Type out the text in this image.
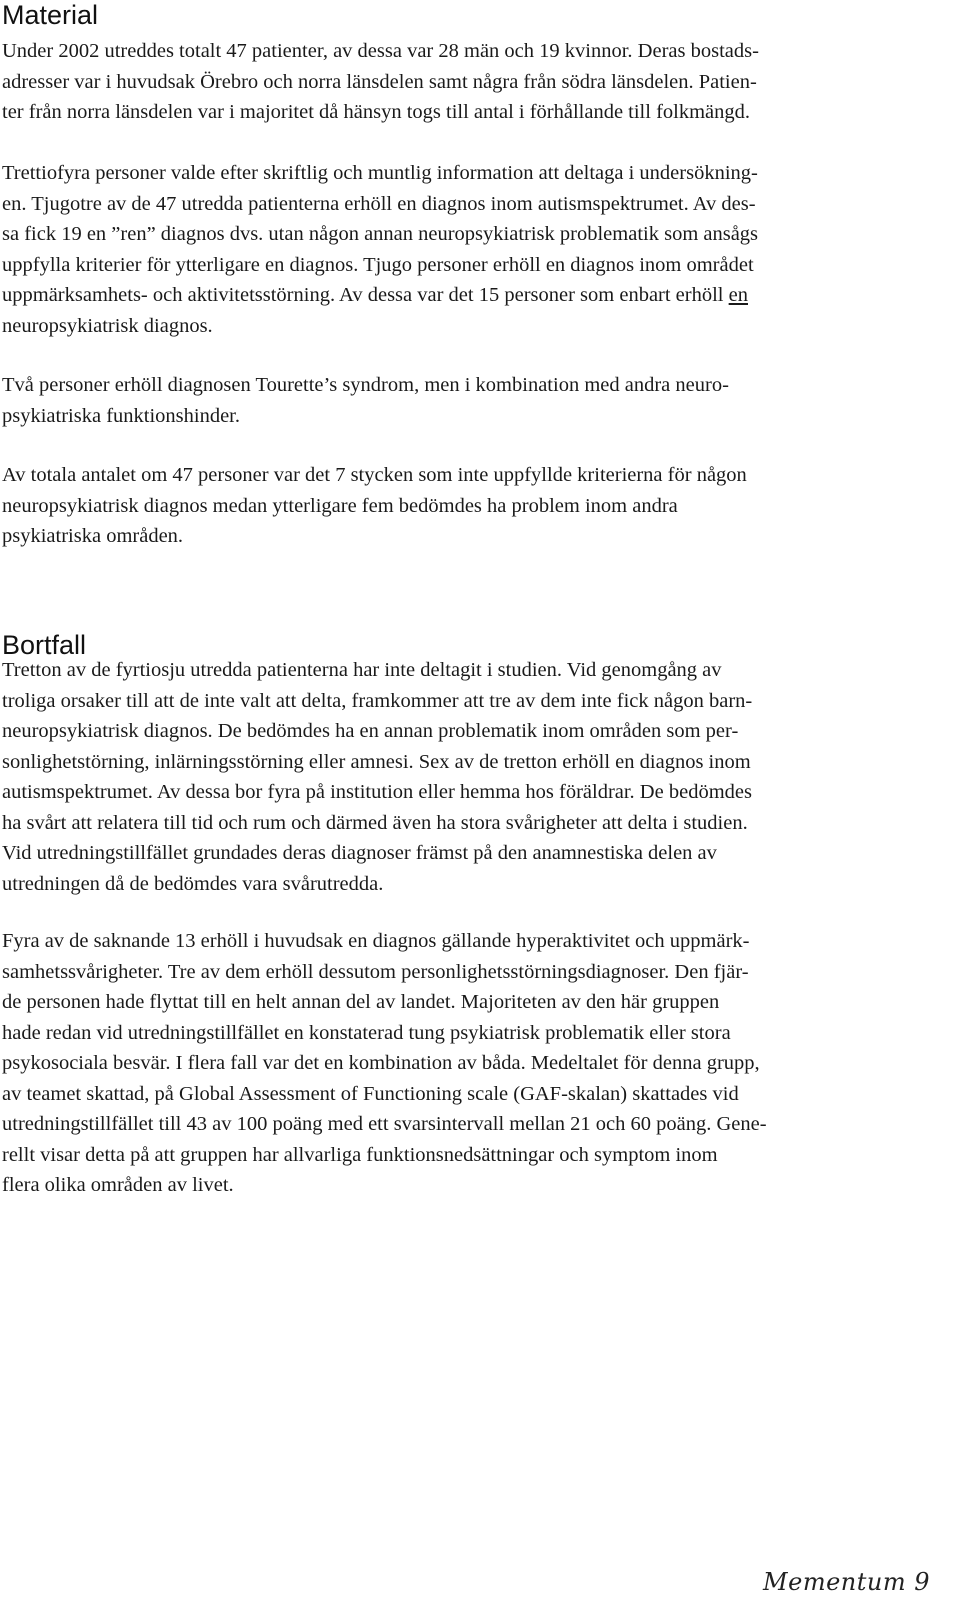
Material

Under 2002 utreddes totalt 47 patienter, av dessa var 28 män och 19 kvinnor. Deras bostads-
adresser var i huvudsak Örebro och norra länsdelen samt några från södra länsdelen. Patien-
ter från norra länsdelen var i majoritet då hänsyn togs till antal i förhållande till folkmängd.

Trettiofyra personer valde efter skriftlig och muntlig information att deltaga i undersökning-
en. Tjugotre av de 47 utredda patienterna erhöll en diagnos inom autismspektrumet. Av des-
sa fick 19 en ”ren” diagnos dvs. utan någon annan neuropsykiatrisk problematik som ansågs
uppfylla kriterier för ytterligare en diagnos. Tjugo personer erhöll en diagnos inom området
uppmärksamhets- och aktivitetsstörning. Av dessa var det 15 personer som enbart erhöll en
neuropsykiatrisk diagnos.

Två personer erhöll diagnosen Tourette’s syndrom, men i kombination med andra neuro-
psykiatriska funktionshinder.

Av totala antalet om 47 personer var det 7 stycken som inte uppfyllde kriterierna för någon
neuropsykiatrisk diagnos medan ytterligare fem bedömdes ha problem inom andra
psykiatriska områden.

Bortfall

Tretton av de fyrtiosju utredda patienterna har inte deltagit i studien. Vid genomgång av
troliga orsaker till att de inte valt att delta, framkommer att tre av dem inte fick någon barn-
neuropsykiatrisk diagnos. De bedömdes ha en annan problematik inom områden som per-
sonlighetstörning, inlärningsstörning eller amnesi. Sex av de tretton erhöll en diagnos inom
autismspektrumet. Av dessa bor fyra på institution eller hemma hos föräldrar. De bedömdes
ha svårt att relatera till tid och rum och därmed även ha stora svårigheter att delta i studien.
Vid utredningstillfället grundades deras diagnoser främst på den anamnestiska delen av
utredningen då de bedömdes vara svårutredda.

Fyra av de saknande 13 erhöll i huvudsak en diagnos gällande hyperaktivitet och uppmärk-
samhetssvårigheter. Tre av dem erhöll dessutom personlighetsstörningsdiagnoser. Den fjär-
de personen hade flyttat till en helt annan del av landet. Majoriteten av den här gruppen
hade redan vid utredningstillfället en konstaterad tung psykiatrisk problematik eller stora
psykosociala besvär. I flera fall var det en kombination av båda. Medeltalet för denna grupp,
av teamet skattad, på Global Assessment of Functioning scale (GAF-skalan) skattades vid
utredningstillfället till 43 av 100 poäng med ett svarsintervall mellan 21 och 60 poäng. Gene-
rellt visar detta på att gruppen har allvarliga funktionsnedsättningar och symptom inom
flera olika områden av livet.

Mementum 9
